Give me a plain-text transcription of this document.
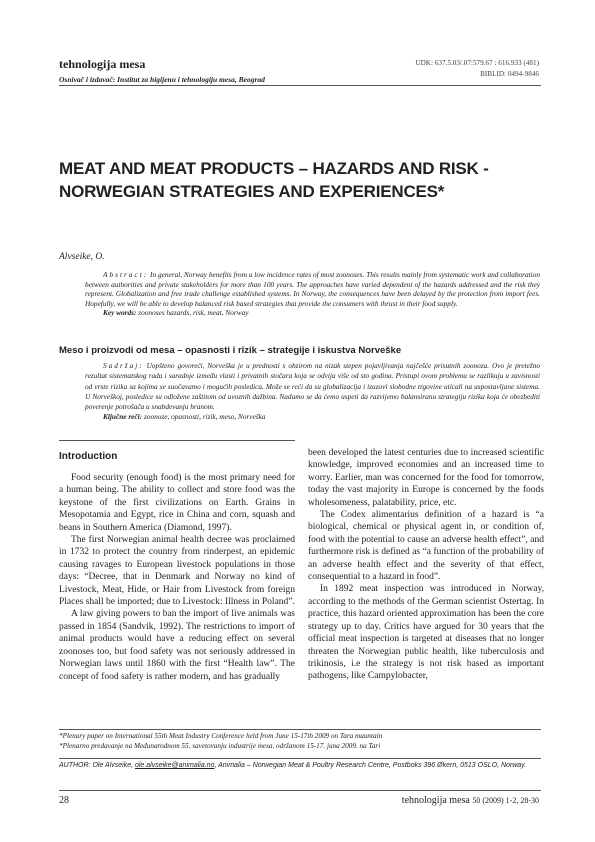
tehnologija mesa
Osnivač i izdavač: Institut za higijenu i tehnologiju mesa, Beograd
UDK: 637.5.03/.07:579.67 : 616.933 (481)
BIBLID: 0494-9846
MEAT AND MEAT PRODUCTS – HAZARDS AND RISK - NORWEGIAN STRATEGIES AND EXPERIENCES*
Alvseike, O.
Abstract: In general, Norway benefits from a low incidence rates of most zoonoses. This results mainly from systematic work and collaboration between authorities and private stakeholders for more than 100 years. The approaches have varied dependent of the hazards addressed and the risk they represent. Globalization and free trade challenge established systems. In Norway, the consequences have been delayed by the protection from import fees. Hopefully, we will be able to develop balanced risk based strategies that provide the consumers with thrust in their food supply.
Key words: zoonoses hazards, risk, meat, Norway
Meso i proizvodi od mesa – opasnosti i rizik – strategije i iskustva Norveške
Sadržaj: Uopšteno govoreći, Norveška je u prednosti s obzirom na nizak stepen pojavljivanja najčešće prisutnih zoonoza. Ovo je pretežno rezultat sistematskog rada i saradnje između vlasti i privatnih stočara koja se odvija više od sto godina. Pristupi ovom problemu se razlikuju u zavisnosti od vrste rizika sa kojima se suočavamo i mogućih posledica. Može se reći da su globalizacija i izuzovi slobodne trgovine uticali na uspostavljane sistema. U Norveškoj, posledice su odložene zaštitom od uvoznih dažbina. Nadamo se da ćemo uspeti da razvijemo balansiranu strategiju rizika koja će obezbediti poverenje potrošača u snabdevanju hranom.
Ključne reči: zoonoze, opasnosti, rizik, meso, Norveška
Introduction

Food security (enough food) is the most primary need for a human being. The ability to collect and store food was the keystone of the first civilizations on Earth. Grains in Mesopotamia and Egypt, rice in China and corn, squash and beans in Southern America (Diamond, 1997).

The first Norwegian animal health decree was proclaimed in 1732 to protect the country from rinderpest, an epidemic causing ravages to European livestock populations in those days: “Decree, that in Denmark and Norway no kind of Livestock, Meat, Hide, or Hair from Livestock from foreign Places shall be imported; due to Livestock: Illness in Poland”.

A law giving powers to ban the import of live animals was passed in 1854 (Sandvik, 1992). The restrictions to import of animal products would have a reducing effect on several zoonoses too, but food safety was not seriously addressed in Norwegian laws until 1860 with the first “Health law”. The concept of food safety is rather modern, and has gradually

been developed the latest centuries due to increased scientific knowledge, improved economies and an increased time to worry. Earlier, man was concerned for the food for tomorrow, today the vast majority in Europe is concerned by the foods wholesomeness, palatability, price, etc.

The Codex alimentarius definition of a hazard is “a biological, chemical or physical agent in, or condition of, food with the potential to cause an adverse health effect”, and furthermore risk is defined as “a function of the probability of an adverse health effect and the severity of that effect, consequential to a hazard in food”.

In 1892 meat inspection was introduced in Norway, according to the methods of the German scientist Ostertag. In practice, this hazard oriented approximation has been the core strategy up to day. Critics have argued for 30 years that the official meat inspection is targeted at diseases that no longer threaten the Norwegian public health, like tuberculosis and trikinosis, i.e the strategy is not risk based as important pathogens, like Campylobacter,

*Plenary paper on International 55th Meat Industry Conference held from June 15-17th 2009 on Tara mauntain
*Plenarno predavanje na Međunarodnom 55. savetovanju industrije mesa, održanom 15-17. juna 2009. na Tari
AUTHOR: Ole Alvseike, ole.alvseike@animalia.no, Animalia – Norwegian Meat & Poultry Research Centre, Postboks 396 Økern, 0513 OSLO, Norway.
28	tehnologija mesa 50 (2009) 1-2, 28-30
